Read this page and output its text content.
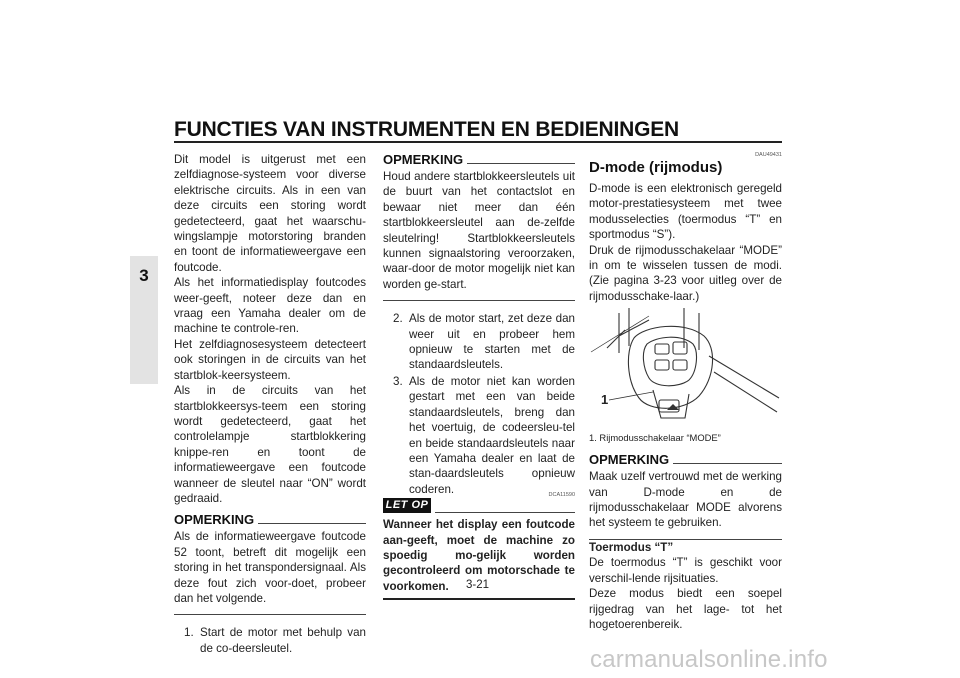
FUNCTIES VAN INSTRUMENTEN EN BEDIENINGEN
3

Dit model is uitgerust met een zelfdiagnose-systeem voor diverse elektrische circuits. Als in een van deze circuits een storing wordt gedetecteerd, gaat het waarschu-wingslampje motorstoring branden en toont de informatieweergave een foutcode.

Als het informatiedisplay foutcodes weer-geeft, noteer deze dan en vraag een Yamaha dealer om de machine te controle-ren.

Het zelfdiagnosesysteem detecteert ook storingen in de circuits van het startblok-keersysteem.

Als in de circuits van het startblokkeersys-teem een storing wordt gedetecteerd, gaat het controlelampje startblokkering knippe-ren en toont de informatieweergave een foutcode wanneer de sleutel naar “ON” wordt gedraaid.

OPMERKING

Als de informatieweergave foutcode 52 toont, betreft dit mogelijk een storing in het transpondersignaal. Als deze fout zich voor-doet, probeer dan het volgende.

1. Start de motor met behulp van de co-deersleutel.
OPMERKING

Houd andere startblokkeersleutels uit de buurt van het contactslot en bewaar niet meer dan één startblokkeersleutel aan de-zelfde sleutelring! Startblokkeersleutels kunnen signaalstoring veroorzaken, waar-door de motor mogelijk niet kan worden ge-start.

2. Als de motor start, zet deze dan weer uit en probeer hem opnieuw te starten met de standaardsleutels.
3. Als de motor niet kan worden gestart met een van beide standaardsleutels, breng dan het voertuig, de codeersleu-tel en beide standaardsleutels naar een Yamaha dealer en laat de stan-daardsleutels opnieuw coderen.
LET OP
DCA11590

Wanneer het display een foutcode aan-geeft, moet de machine zo spoedig mo-gelijk worden gecontroleerd om motorschade te voorkomen.

DAU49431
D-mode (rijmodus)

D-mode is een elektronisch geregeld motor-prestatiesysteem met twee modusselecties (toermodus “T” en sportmodus “S”).

Druk de rijmodusschakelaar “MODE” in om te wisselen tussen de modi. (Zie pagina 3-23 voor uitleg over de rijmodusschake-laar.)

1
1. Rijmodusschakelaar “MODE”
OPMERKING

Maak uzelf vertrouwd met de werking van D-mode en de rijmodusschakelaar MODE alvorens het systeem te gebruiken.

Toermodus “T”

De toermodus “T” is geschikt voor verschil-lende rijsituaties.

Deze modus biedt een soepel rijgedrag van het lage- tot het hogetoerenbereik.

3-21
carmanualsonline.info
